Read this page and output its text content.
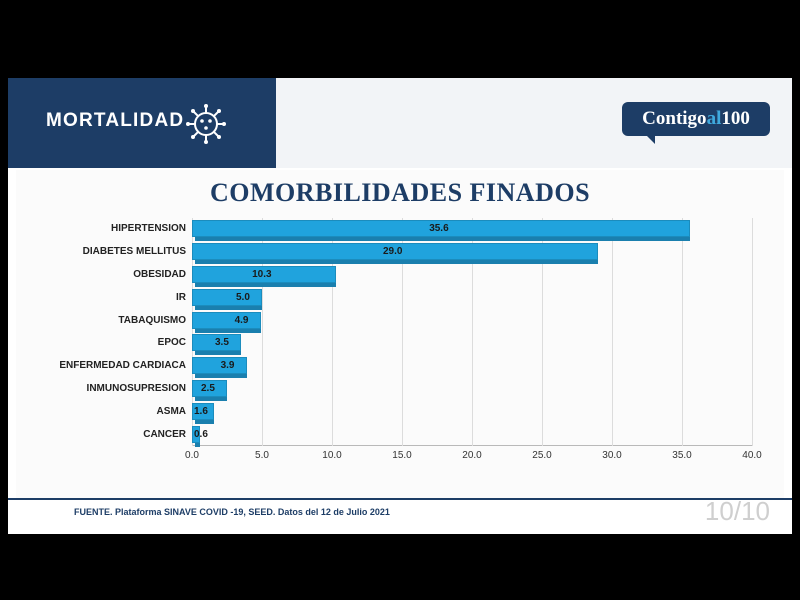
MORTALIDAD	Contigoal100
COMORBILIDADES FINADOS
0.0	5.0	10.0	15.0	20.0	25.0	30.0	35.0	40.0
HIPERTENSION	35.6
DIABETES MELLITUS	29.0
OBESIDAD	10.3
IR	5.0
TABAQUISMO	4.9
EPOC	3.5
ENFERMEDAD CARDIACA	3.9
INMUNOSUPRESION 2.5
ASMA 1.6
CANCER 0.6
FUENTE. Plataforma SINAVE COVID -19, SEED. Datos del 12 de Julio 2021	10/10
